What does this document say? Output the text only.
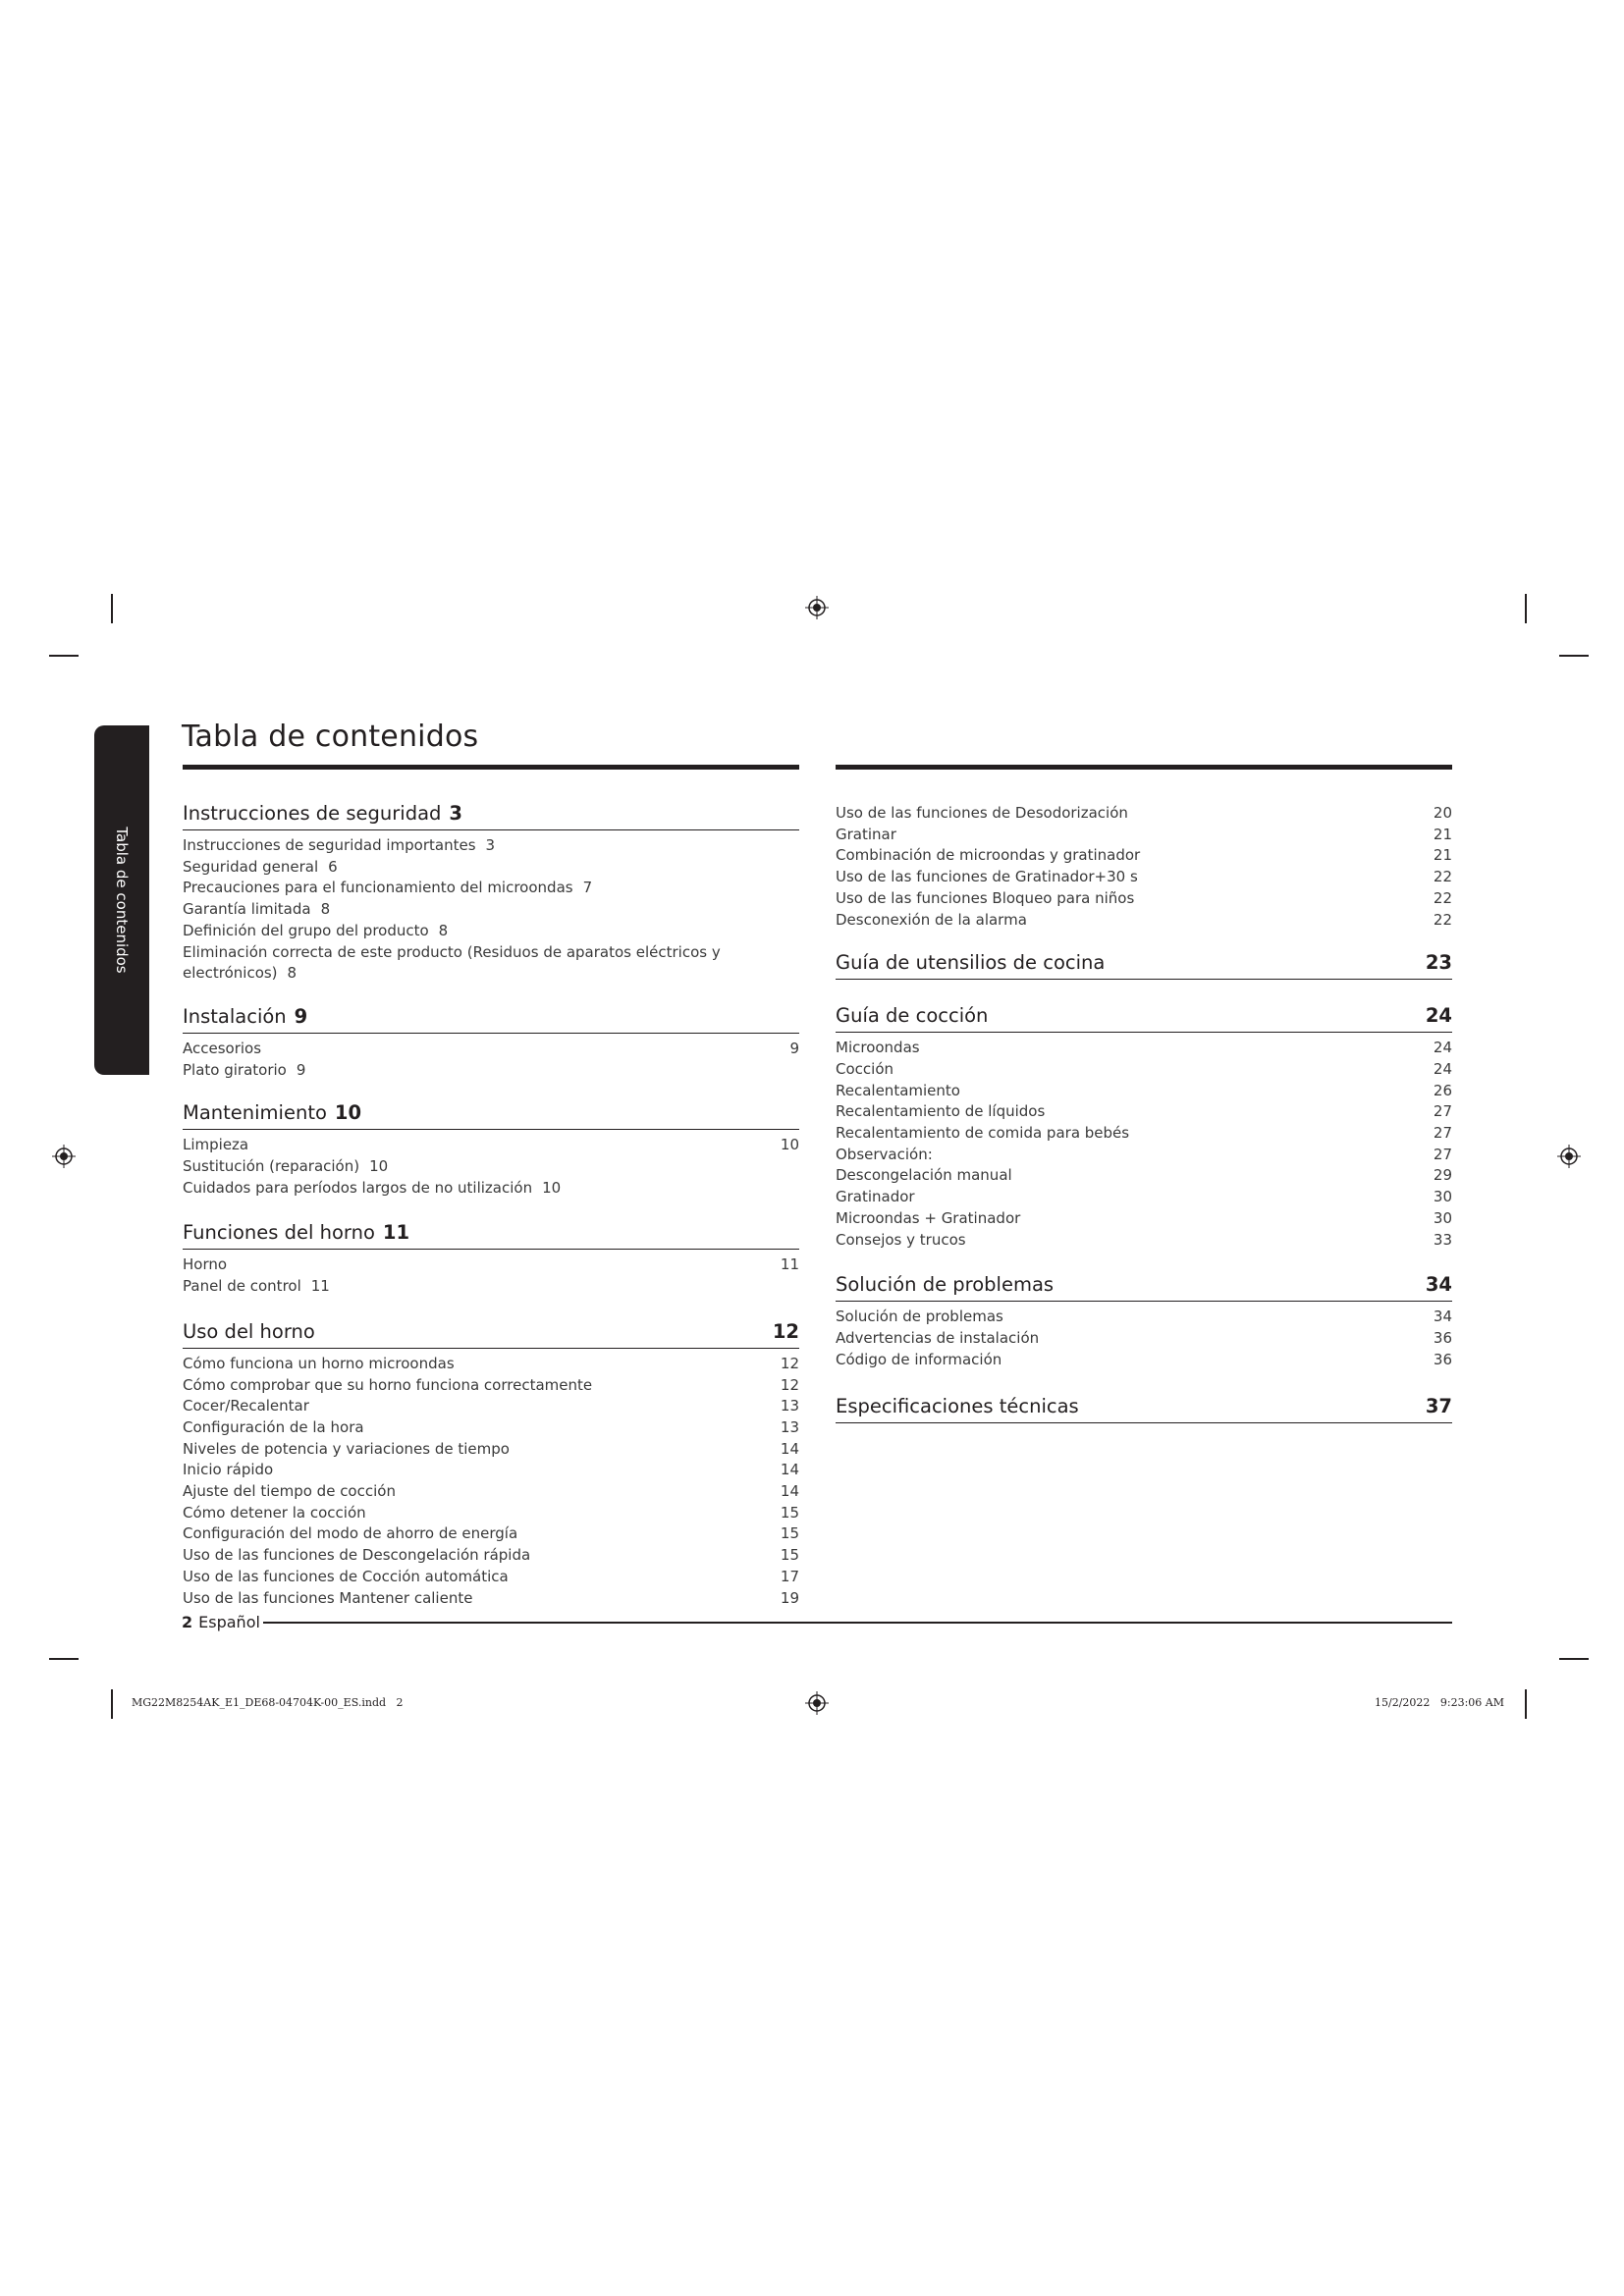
Tabla de contenidos
Tabla de contenidos
Instrucciones de seguridad 3
Instrucciones de seguridad importantes 3
Seguridad general 6
Precauciones para el funcionamiento del microondas 7
Garantía limitada 8
Definición del grupo del producto 8
Eliminación correcta de este producto (Residuos de aparatos eléctricos y electrónicos) 8
Instalación 9
Accesorios	9
Plato giratorio 9
Mantenimiento 10
Limpieza	10
Sustitución (reparación) 10
Cuidados para períodos largos de no utilización 10
Funciones del horno 11
Horno	11
Panel de control 11
Uso del horno	12
Cómo funciona un horno microondas	12
Cómo comprobar que su horno funciona correctamente	12
Cocer/Recalentar	13
Configuración de la hora	13
Niveles de potencia y variaciones de tiempo	14
Inicio rápido	14
Ajuste del tiempo de cocción	14
Cómo detener la cocción	15
Configuración del modo de ahorro de energía	15
Uso de las funciones de Descongelación rápida	15
Uso de las funciones de Cocción automática	17
Uso de las funciones Mantener caliente	19
Uso de las funciones de Desodorización	20
Gratinar	21
Combinación de microondas y gratinador	21
Uso de las funciones de Gratinador+30 s	22
Uso de las funciones Bloqueo para niños	22
Desconexión de la alarma	22
Guía de utensilios de cocina	23
Guía de cocción	24
Microondas	24
Cocción	24
Recalentamiento	26
Recalentamiento de líquidos	27
Recalentamiento de comida para bebés	27
Observación:	27
Descongelación manual	29
Gratinador	30
Microondas + Gratinador	30
Consejos y trucos	33
Solución de problemas	34
Solución de problemas	34
Advertencias de instalación	36
Código de información	36
Especificaciones técnicas	37
2 Español
MG22M8254AK_E1_DE68-04704K-00_ES.indd   2	15/2/2022   9:23:06 AM
